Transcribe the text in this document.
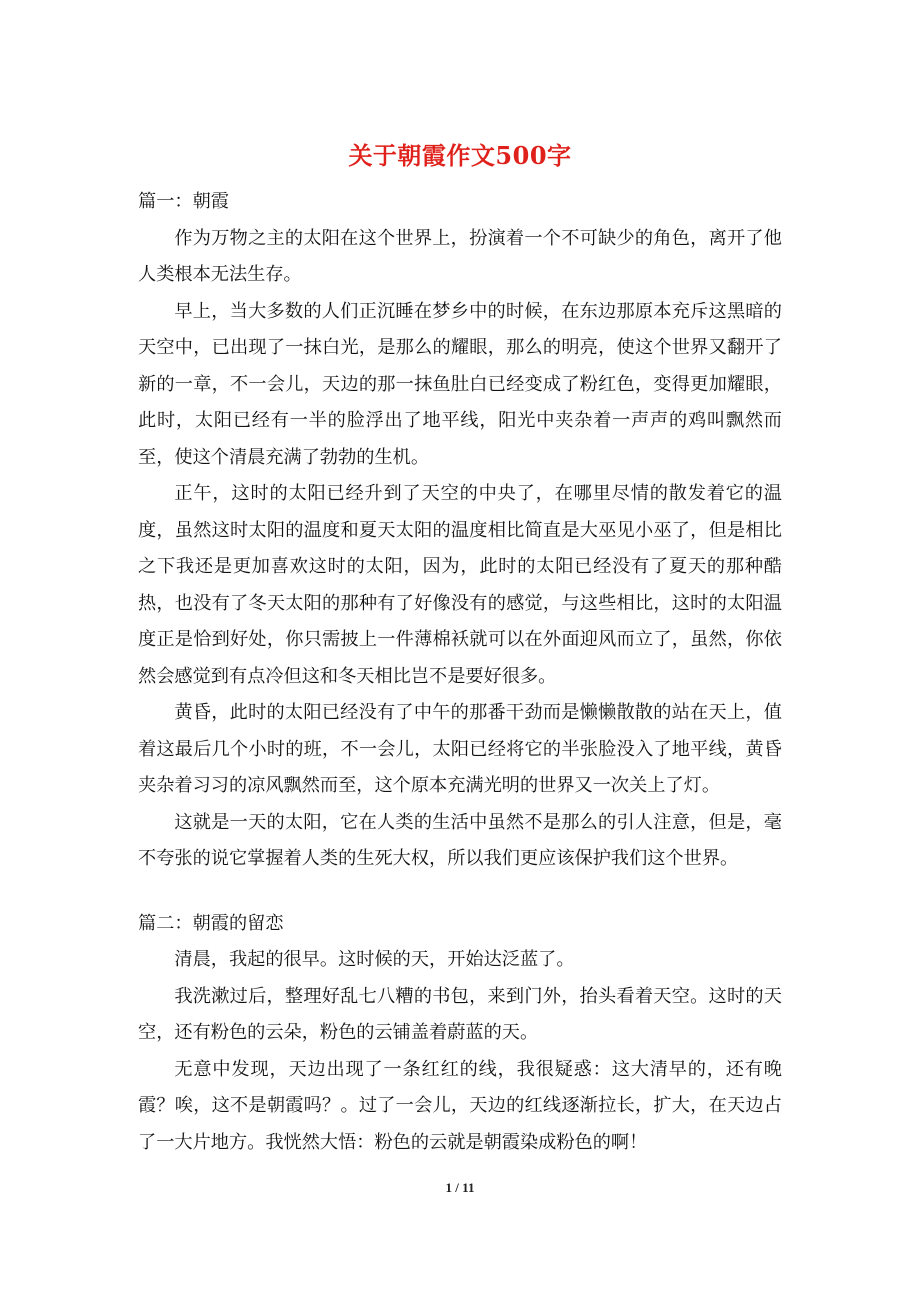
关于朝霞作文500字

篇一：朝霞

作为万物之主的太阳在这个世界上，扮演着一个不可缺少的角色，离开了他人类根本无法生存。

早上，当大多数的人们正沉睡在梦乡中的时候，在东边那原本充斥这黑暗的天空中，已出现了一抹白光，是那么的耀眼，那么的明亮，使这个世界又翻开了新的一章，不一会儿，天边的那一抹鱼肚白已经变成了粉红色，变得更加耀眼，此时，太阳已经有一半的脸浮出了地平线，阳光中夹杂着一声声的鸡叫飘然而至，使这个清晨充满了勃勃的生机。

正午，这时的太阳已经升到了天空的中央了，在哪里尽情的散发着它的温度，虽然这时太阳的温度和夏天太阳的温度相比简直是大巫见小巫了，但是相比之下我还是更加喜欢这时的太阳，因为，此时的太阳已经没有了夏天的那种酷热，也没有了冬天太阳的那种有了好像没有的感觉，与这些相比，这时的太阳温度正是恰到好处，你只需披上一件薄棉袄就可以在外面迎风而立了，虽然，你依然会感觉到有点冷但这和冬天相比岂不是要好很多。

黄昏，此时的太阳已经没有了中午的那番干劲而是懒懒散散的站在天上，值着这最后几个小时的班，不一会儿，太阳已经将它的半张脸没入了地平线，黄昏夹杂着习习的凉风飘然而至，这个原本充满光明的世界又一次关上了灯。

这就是一天的太阳，它在人类的生活中虽然不是那么的引人注意，但是，毫不夸张的说它掌握着人类的生死大权，所以我们更应该保护我们这个世界。

篇二：朝霞的留恋

清晨，我起的很早。这时候的天，开始达泛蓝了。

我洗漱过后，整理好乱七八糟的书包，来到门外，抬头看着天空。这时的天空，还有粉色的云朵，粉色的云铺盖着蔚蓝的天。

无意中发现，天边出现了一条红红的线，我很疑惑：这大清早的，还有晚霞？唉，这不是朝霞吗？。过了一会儿，天边的红线逐渐拉长，扩大，在天边占了一大片地方。我恍然大悟：粉色的云就是朝霞染成粉色的啊！

1 / 11
